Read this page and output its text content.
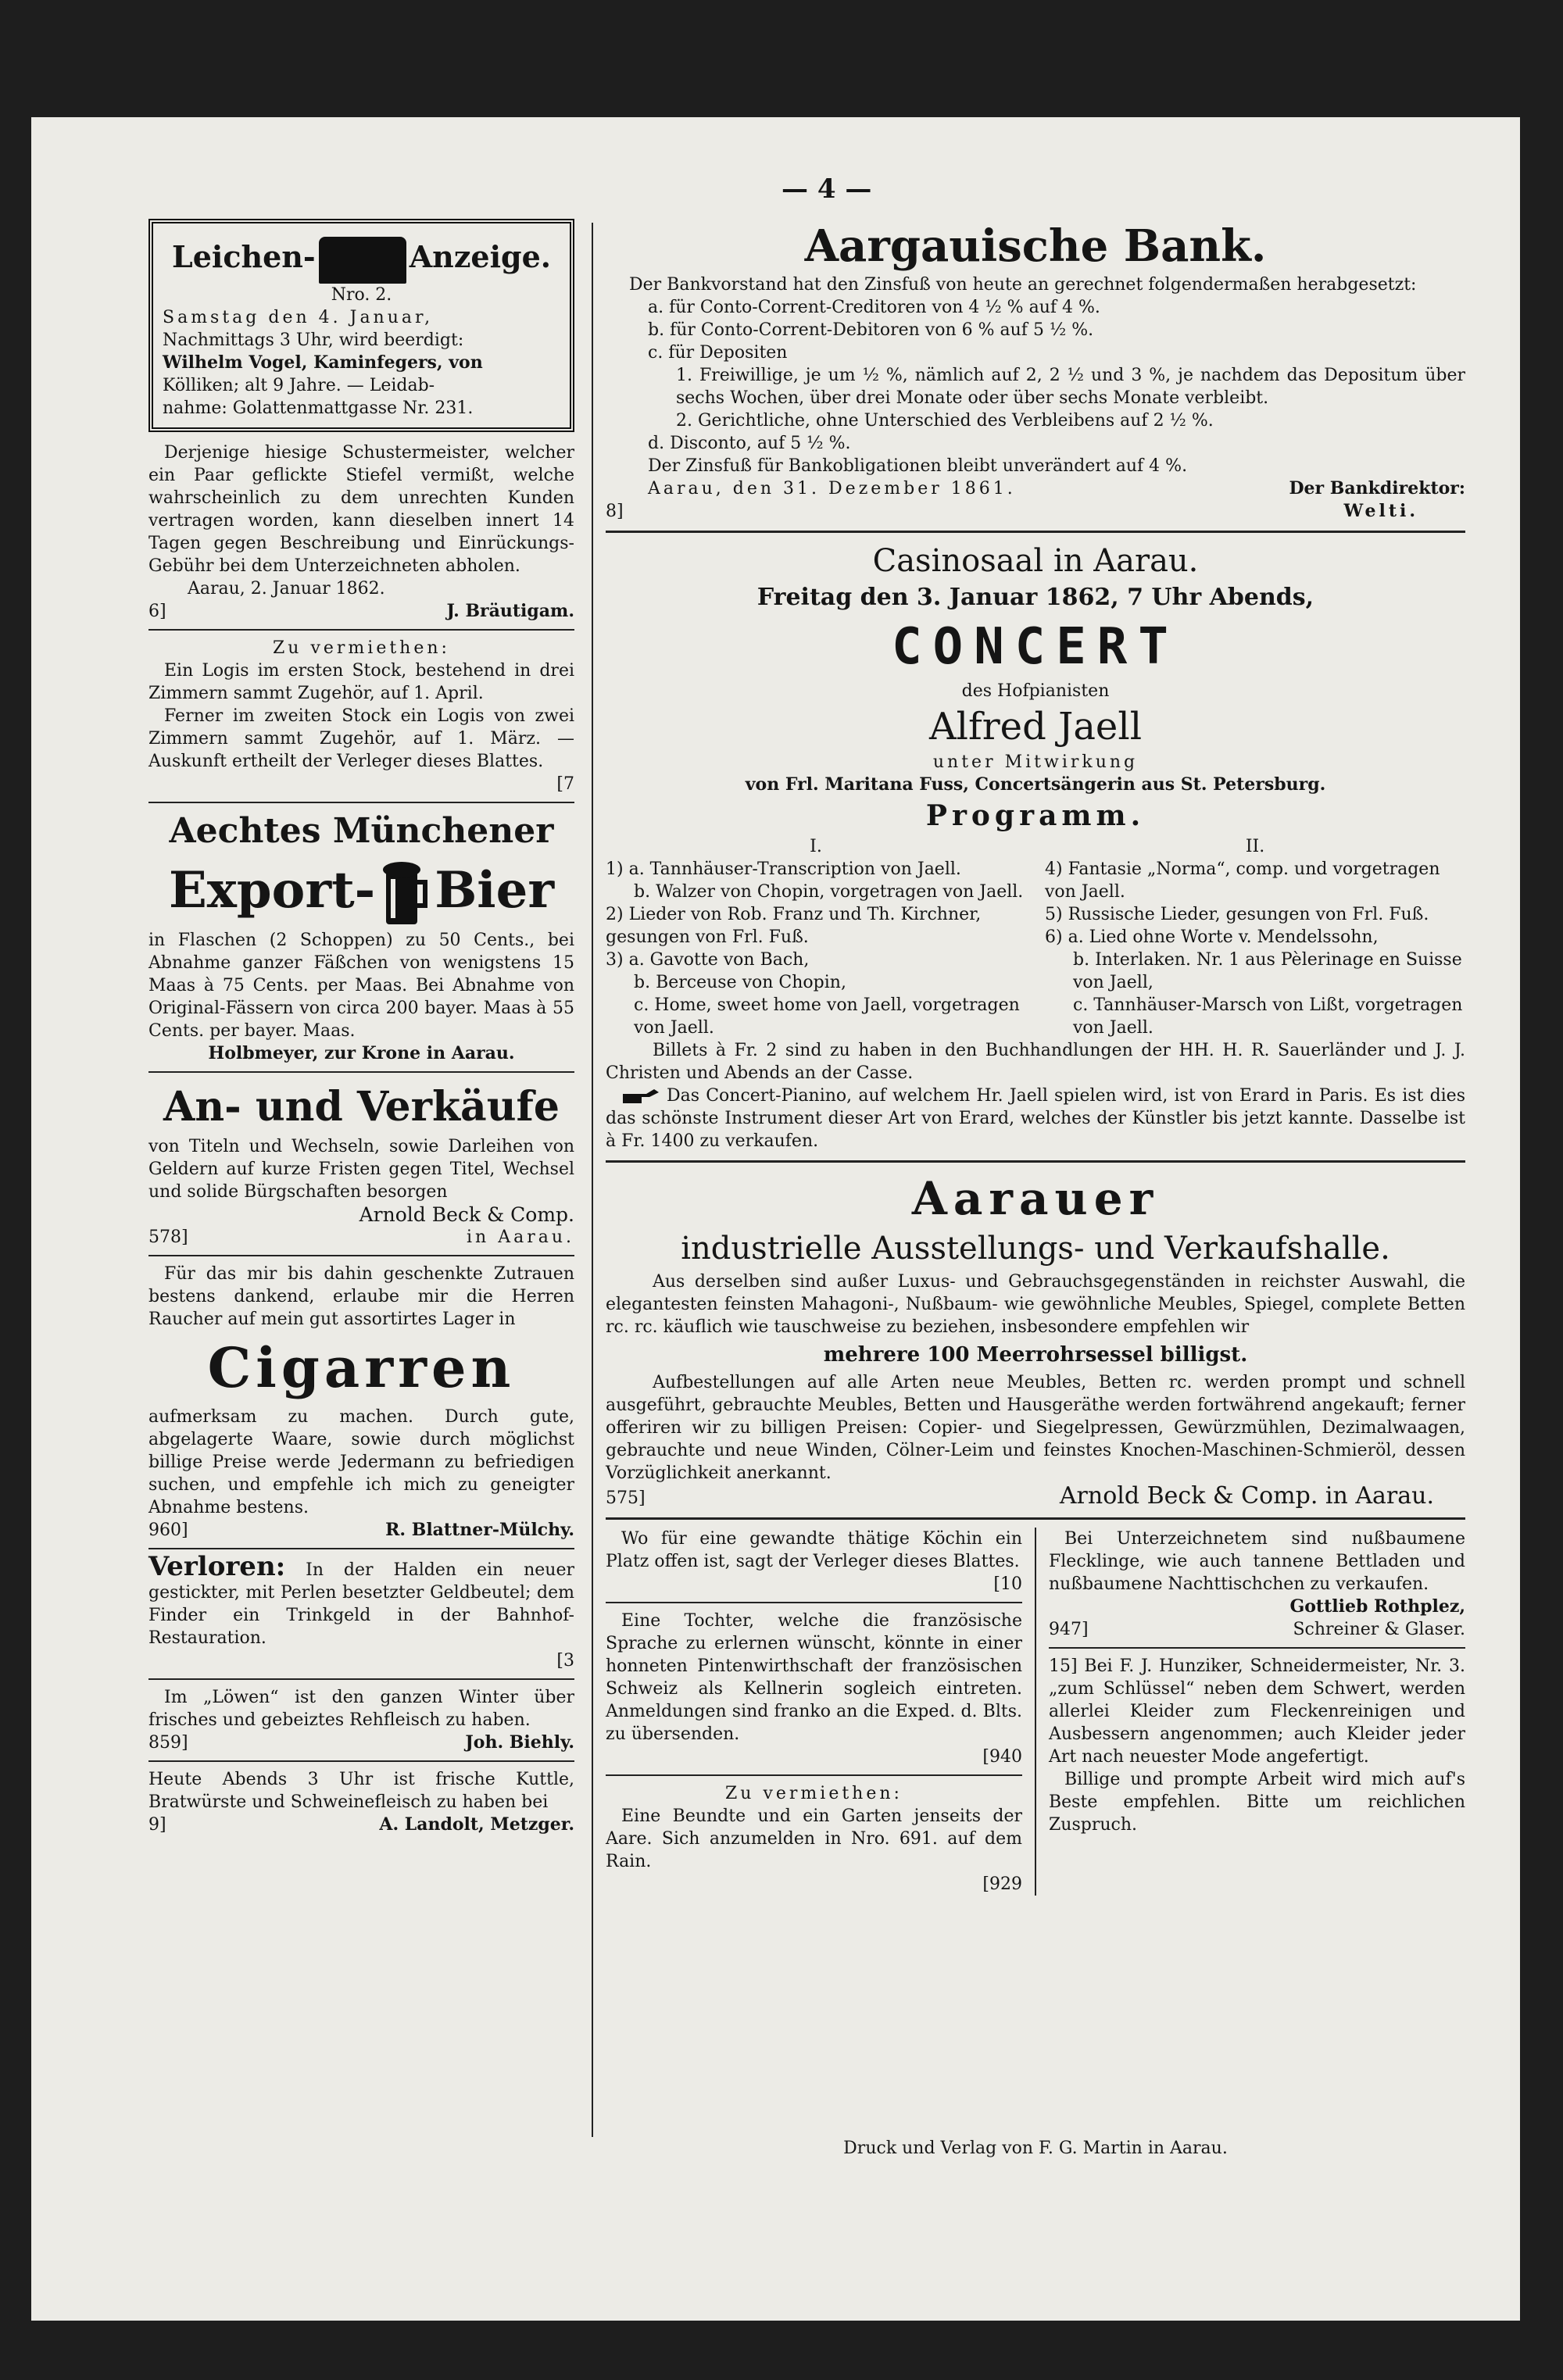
— 4 —
Leichen-	Anzeige.

Nro. 2.

Samstag den 4. Januar,

Nachmittags 3 Uhr, wird beerdigt:

Wilhelm Vogel, Kaminfegers, von

Kölliken; alt 9 Jahre. — Leidab-

nahme: Golattenmattgasse Nr. 231.

Derjenige hiesige Schustermeister, welcher ein Paar geflickte Stiefel vermißt, welche wahrscheinlich zu dem unrechten Kunden vertragen worden, kann dieselben innert 14 Tagen gegen Beschreibung und Einrückungs-Gebühr bei dem Unterzeichneten abholen.

Aarau, 2. Januar 1862.

6]	J. Bräutigam.

Zu vermiethen:

Ein Logis im ersten Stock, bestehend in drei Zimmern sammt Zugehör, auf 1. April.

Ferner im zweiten Stock ein Logis von zwei Zimmern sammt Zugehör, auf 1. März. — Auskunft ertheilt der Verleger dieses Blattes.

[7

Aechtes Münchener

Export- Bier

in Flaschen (2 Schoppen) zu 50 Cents., bei Abnahme ganzer Fäßchen von wenigstens 15 Maas à 75 Cents. per Maas. Bei Abnahme von Original-Fässern von circa 200 bayer. Maas à 55 Cents. per bayer. Maas.

Holbmeyer, zur Krone in Aarau.

An- und Verkäufe

von Titeln und Wechseln, sowie Darleihen von Geldern auf kurze Fristen gegen Titel, Wechsel und solide Bürgschaften besorgen

Arnold Beck & Comp.

578]	in Aarau.

Für das mir bis dahin geschenkte Zutrauen bestens dankend, erlaube mir die Herren Raucher auf mein gut assortirtes Lager in

Cigarren

aufmerksam zu machen. Durch gute, abgelagerte Waare, sowie durch möglichst billige Preise werde Jedermann zu befriedigen suchen, und empfehle ich mich zu geneigter Abnahme bestens.

960]	R. Blattner-Mülchy.

Verloren: In der Halden ein neuer gestickter, mit Perlen besetzter Geldbeutel; dem Finder ein Trinkgeld in der Bahnhof-Restauration.

[3

Im „Löwen“ ist den ganzen Winter über frisches und gebeiztes Rehfleisch zu haben.

859]	Joh. Biehly.

Heute Abends 3 Uhr ist frische Kuttle, Bratwürste und Schweinefleisch zu haben bei

9]	A. Landolt, Metzger.

Aargauische Bank.

Der Bankvorstand hat den Zinsfuß von heute an gerechnet folgendermaßen herabgesetzt:

a. für Conto-Corrent-Creditoren von 4 ½ % auf 4 %.

b. für Conto-Corrent-Debitoren von 6 % auf 5 ½ %.

c. für Depositen

1. Freiwillige, je um ½ %, nämlich auf 2, 2 ½ und 3 %, je nachdem das Depositum über sechs Wochen, über drei Monate oder über sechs Monate verbleibt.

2. Gerichtliche, ohne Unterschied des Verbleibens auf 2 ½ %.

d. Disconto, auf 5 ½ %.

Der Zinsfuß für Bankobligationen bleibt unverändert auf 4 %.

Aarau, den 31. Dezember 1861.	Der Bankdirektor:
8]	Welti.

Casinosaal in Aarau.

Freitag den 3. Januar 1862, 7 Uhr Abends,

CONCERT

des Hofpianisten

Alfred Jaell

unter Mitwirkung

von Frl. Maritana Fuss, Concertsängerin aus St. Petersburg.

Programm.

I.

1) a. Tannhäuser-Transcription von Jaell.

b. Walzer von Chopin, vorgetragen von Jaell.

2) Lieder von Rob. Franz und Th. Kirchner, gesungen von Frl. Fuß.

3) a. Gavotte von Bach,

b. Berceuse von Chopin,

c. Home, sweet home von Jaell, vorgetragen von Jaell.

II.

4) Fantasie „Norma“, comp. und vorgetragen von Jaell.

5) Russische Lieder, gesungen von Frl. Fuß.

6) a. Lied ohne Worte v. Mendelssohn,

b. Interlaken. Nr. 1 aus Pèlerinage en Suisse von Jaell,

c. Tannhäuser-Marsch von Lißt, vorgetragen von Jaell.

Billets à Fr. 2 sind zu haben in den Buchhandlungen der HH. H. R. Sauerländer und J. J. Christen und Abends an der Casse.

Das Concert-Pianino, auf welchem Hr. Jaell spielen wird, ist von Erard in Paris. Es ist dies das schönste Instrument dieser Art von Erard, welches der Künstler bis jetzt kannte. Dasselbe ist à Fr. 1400 zu verkaufen.

Aarauer

industrielle Ausstellungs- und Verkaufshalle.

Aus derselben sind außer Luxus- und Gebrauchsgegenständen in reichster Auswahl, die elegantesten feinsten Mahagoni-, Nußbaum- wie gewöhnliche Meubles, Spiegel, complete Betten rc. rc. käuflich wie tauschweise zu beziehen, insbesondere empfehlen wir

mehrere 100 Meerrohrsessel billigst.

Aufbestellungen auf alle Arten neue Meubles, Betten rc. werden prompt und schnell ausgeführt, gebrauchte Meubles, Betten und Hausgeräthe werden fortwährend angekauft; ferner offeriren wir zu billigen Preisen: Copier- und Siegelpressen, Gewürzmühlen, Dezimalwaagen, gebrauchte und neue Winden, Cölner-Leim und feinstes Knochen-Maschinen-Schmieröl, dessen Vorzüglichkeit anerkannt.

575]	Arnold Beck & Comp. in Aarau.

Wo für eine gewandte thätige Köchin ein Platz offen ist, sagt der Verleger dieses Blattes.

[10

Eine Tochter, welche die französische Sprache zu erlernen wünscht, könnte in einer honneten Pintenwirthschaft der französischen Schweiz als Kellnerin sogleich eintreten. Anmeldungen sind franko an die Exped. d. Blts. zu übersenden.

[940

Zu vermiethen:

Eine Beundte und ein Garten jenseits der Aare. Sich anzumelden in Nro. 691. auf dem Rain.

[929

Bei Unterzeichnetem sind nußbaumene Flecklinge, wie auch tannene Bettladen und nußbaumene Nachttischchen zu verkaufen.

Gottlieb Rothplez,

947]	Schreiner & Glaser.

15] Bei F. J. Hunziker, Schneidermeister, Nr. 3. „zum Schlüssel“ neben dem Schwert, werden allerlei Kleider zum Fleckenreinigen und Ausbessern angenommen; auch Kleider jeder Art nach neuester Mode angefertigt.

Billige und prompte Arbeit wird mich auf's Beste empfehlen. Bitte um reichlichen Zuspruch.

Druck und Verlag von F. G. Martin in Aarau.
